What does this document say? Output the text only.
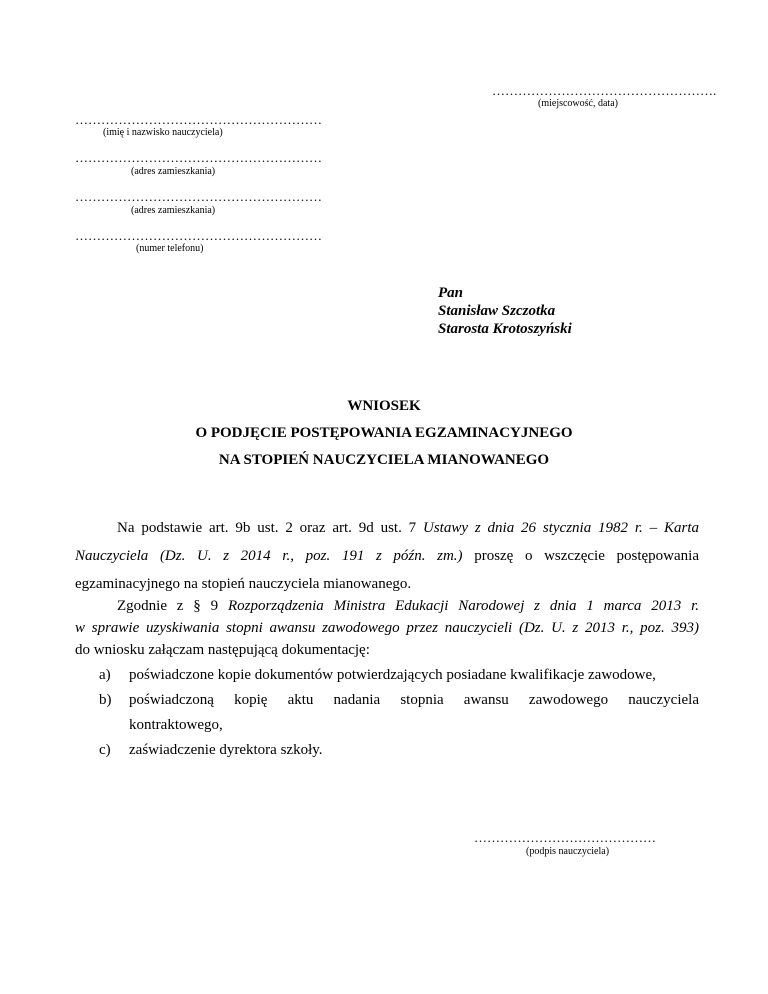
…………………………………………….
(miejscowość, data)
…………………………………………………
(imię i nazwisko nauczyciela)
…………………………………………………
(adres zamieszkania)
…………………………………………………
(adres zamieszkania)
…………………………………………………
(numer telefonu)
Pan
Stanisław Szczotka
Starosta Krotoszyński
WNIOSEK
O PODJĘCIE POSTĘPOWANIA EGZAMINACYJNEGO
NA STOPIEŃ NAUCZYCIELA MIANOWANEGO
Na podstawie art. 9b ust. 2 oraz art. 9d ust. 7 Ustawy z dnia 26 stycznia 1982 r. – Karta
Nauczyciela (Dz. U. z 2014 r., poz. 191 z późn. zm.) proszę o wszczęcie postępowania
egzaminacyjnego na stopień nauczyciela mianowanego.
Zgodnie z § 9 Rozporządzenia Ministra Edukacji Narodowej z dnia 1 marca 2013 r.
w sprawie uzyskiwania stopni awansu zawodowego przez nauczycieli (Dz. U. z 2013 r., poz. 393)
do wniosku załączam następującą dokumentację:
a) poświadczone kopie dokumentów potwierdzających posiadane kwalifikacje zawodowe,
b) poświadczoną kopię aktu nadania stopnia awansu zawodowego nauczyciela
kontraktowego,
c) zaświadczenie dyrektora szkoły.
……………………………………
(podpis nauczyciela)
